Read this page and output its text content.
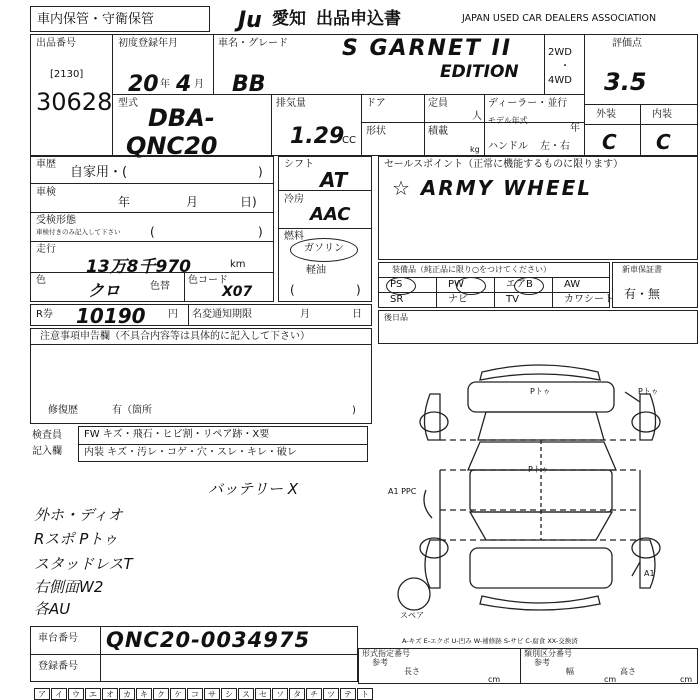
車内保管・守衛保管	Ju 愛知 出品申込書	JAPAN USED CAR DEALERS ASSOCIATION
出品番号
[2130]
30628
初度登録年月
20 年 4 月
車名・グレード
BB
S GARNET II
EDITION
2WD
・
4WD
評価点
3.5
外装	内装
C C
型式
DBA-
QNC20
排気量
1.29
CC
ドア	定員
人
ディーラー・並行
形状	積載
kg
モデル年式
年
ハンドル 左・右
車歴
自家用・(	)
車検
年	月	日)
受検形態
車検付きのみ記入して下さい (	)
走行
13万8千970	km
色
クロ	色替
色コード
X07
シフト
AT
冷房
AAC
燃料
ガソリン
軽油
(	)
セールスポイント（正常に機能するものに限ります）
☆ ARMY WHEEL
装備品（純正品に限り○をつけてください）
PS	PW	エアB	AW
SR	ナビ	TV	カワシート
新車保証書
有・無
R券 10190 円 名変通知期限	月	日	後日品
注意事項申告欄（不具合内容等は具体的に記入して下さい）
修復歴	有（箇所	)
検査員
記入欄
FW キズ・飛石・ヒビ割・リペア跡・X要
内装 キズ・汚レ・コゲ・穴・スレ・キレ・破レ
バッテリー X
外ホ・ディオ
Rスポ Pトゥ
スタッドレスT
右側面W2
各AU
Pトゥ	Pトゥ
Pトゥ
A1 PPC
A1
スペア
A-キズ E-エクボ U-凹み W-補修跡 S-サビ C-腐食 XX-交換済
車台番号 QNC20-0034975
登録番号
形式指定番号
参考
長さ
cm
類別区分番号
参考
幅	高さ
cm	cm
ア イ ウ エ オ カ キ ク ケ コ サ シ ス セ ソ タ チ ツ テ ト
